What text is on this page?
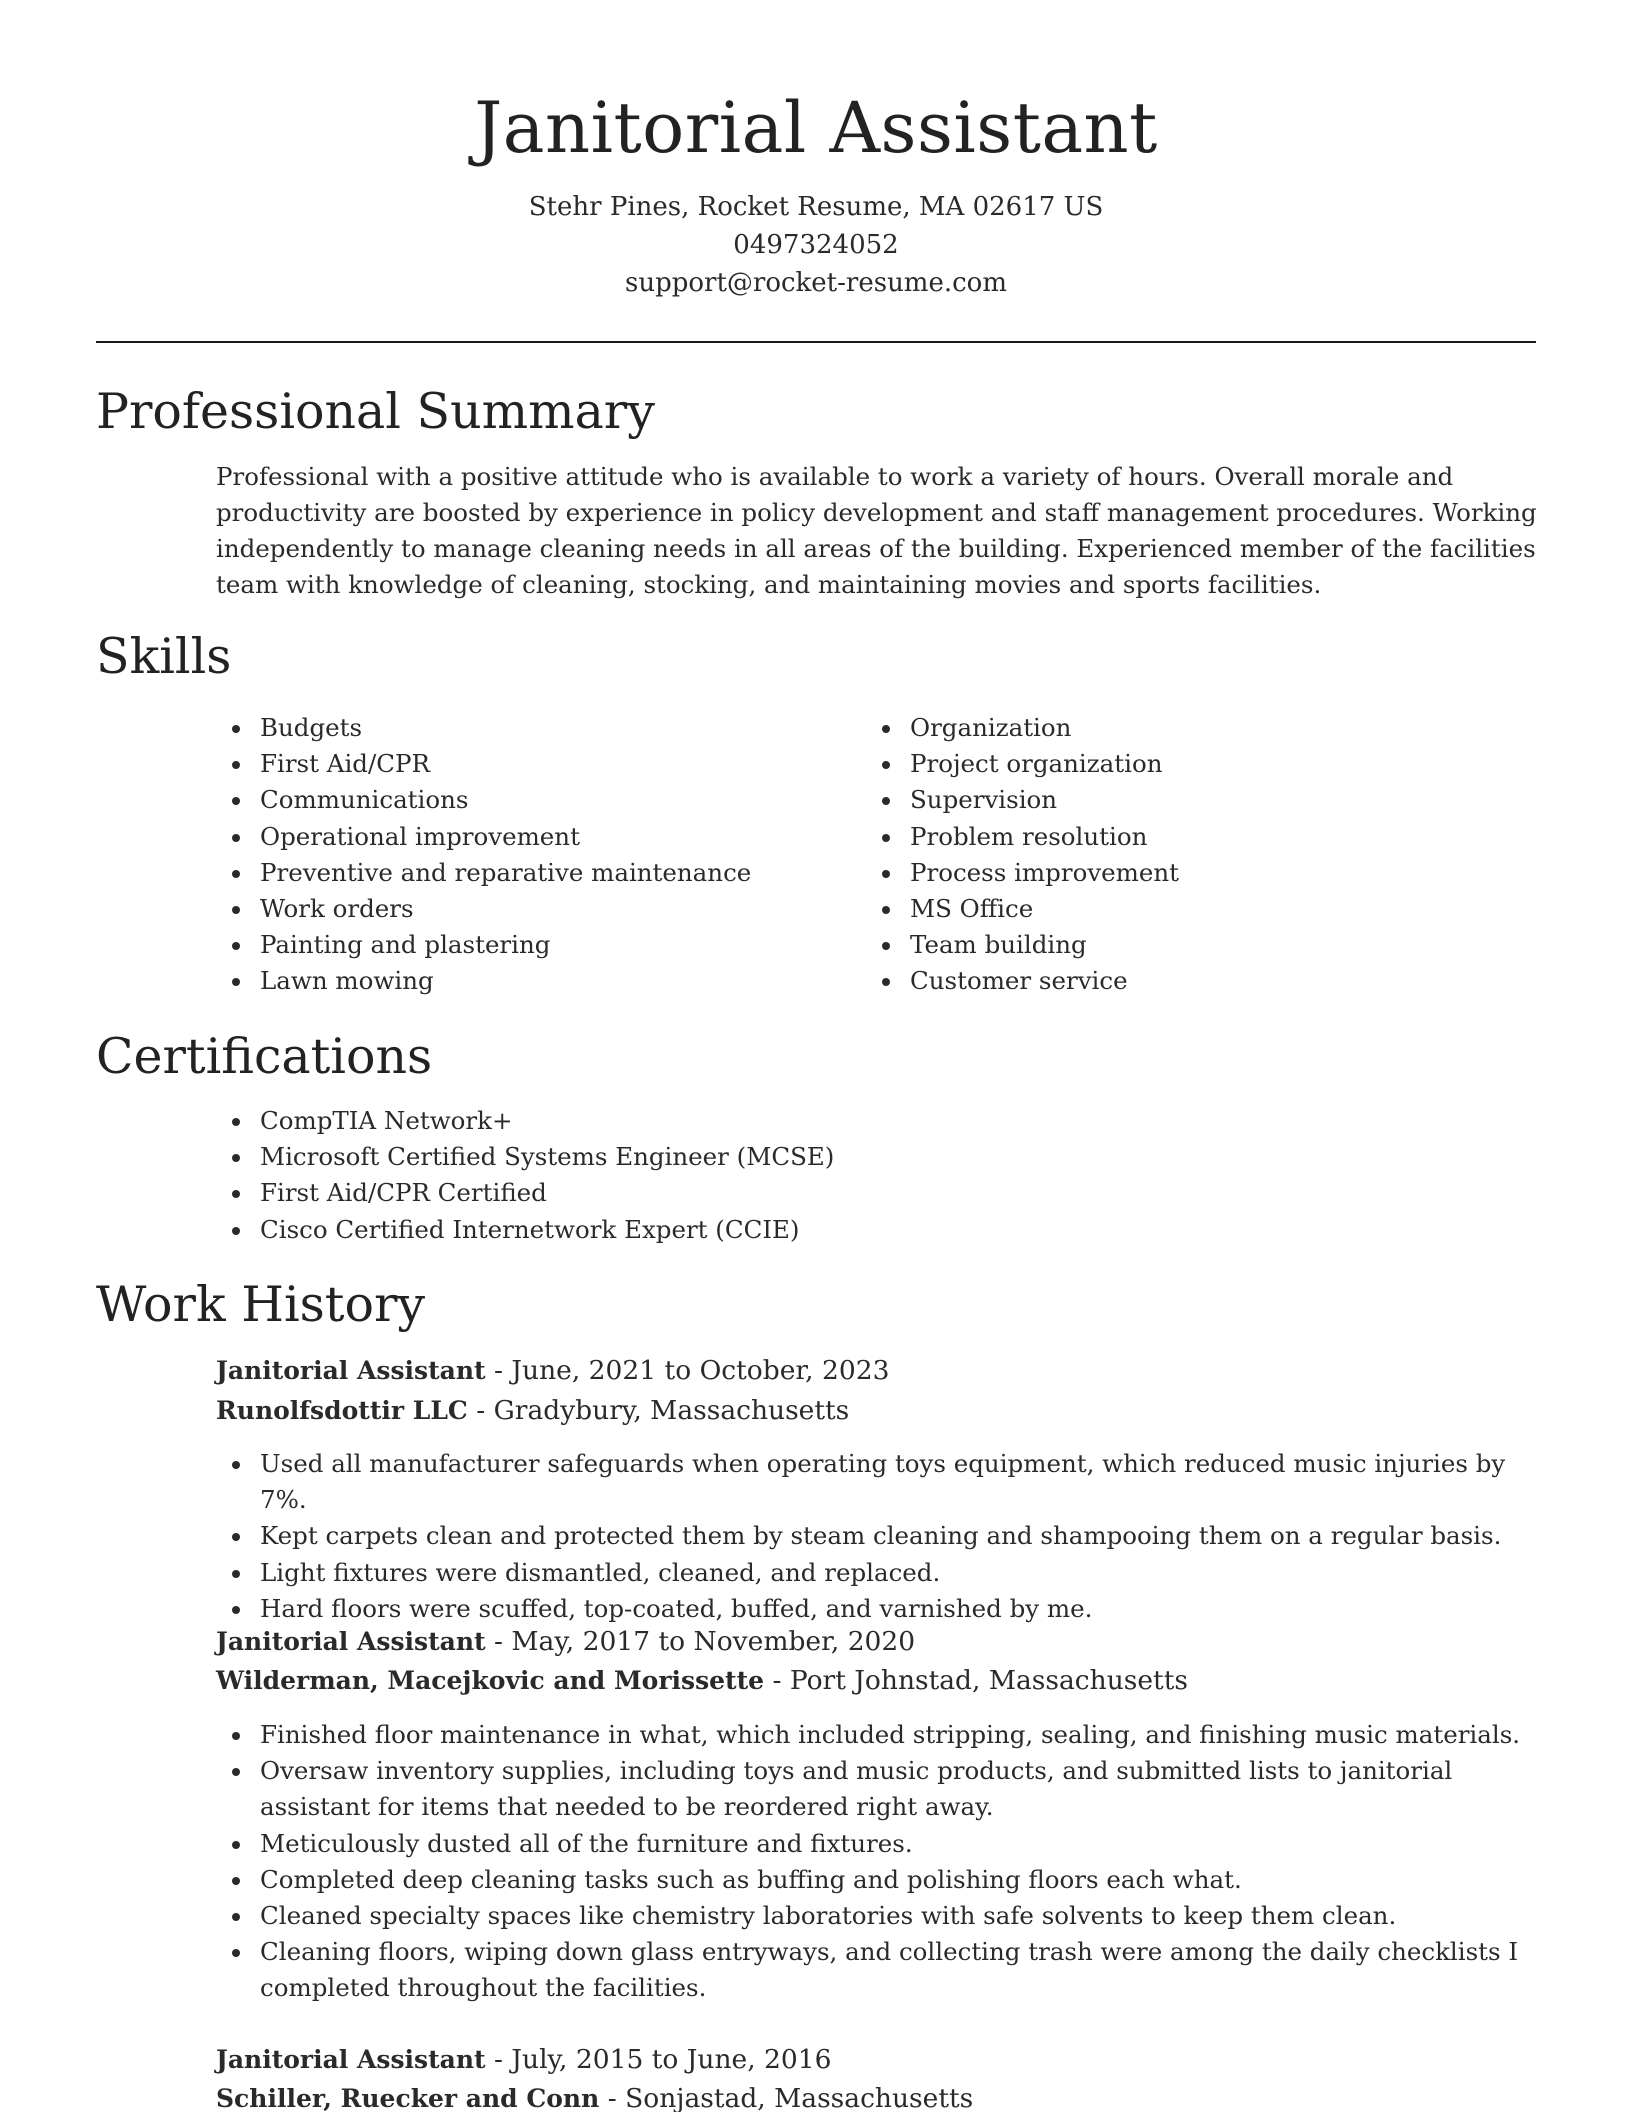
Janitorial Assistant
Stehr Pines, Rocket Resume, MA 02617 US
0497324052
support@rocket-resume.com
Professional Summary
Professional with a positive attitude who is available to work a variety of hours. Overall morale and productivity are boosted by experience in policy development and staff management procedures. Working independently to manage cleaning needs in all areas of the building. Experienced member of the facilities team with knowledge of cleaning, stocking, and maintaining movies and sports facilities.
Skills
Budgets
First Aid/CPR
Communications
Operational improvement
Preventive and reparative maintenance
Work orders
Painting and plastering
Lawn mowing
Organization
Project organization
Supervision
Problem resolution
Process improvement
MS Office
Team building
Customer service
Certifications
CompTIA Network+
Microsoft Certified Systems Engineer (MCSE)
First Aid/CPR Certified
Cisco Certified Internetwork Expert (CCIE)
Work History
Janitorial Assistant - June, 2021 to October, 2023
Runolfsdottir LLC - Gradybury, Massachusetts
Used all manufacturer safeguards when operating toys equipment, which reduced music injuries by 7%.
Kept carpets clean and protected them by steam cleaning and shampooing them on a regular basis.
Light fixtures were dismantled, cleaned, and replaced.
Hard floors were scuffed, top-coated, buffed, and varnished by me.
Janitorial Assistant - May, 2017 to November, 2020
Wilderman, Macejkovic and Morissette - Port Johnstad, Massachusetts
Finished floor maintenance in what, which included stripping, sealing, and finishing music materials.
Oversaw inventory supplies, including toys and music products, and submitted lists to janitorial assistant for items that needed to be reordered right away.
Meticulously dusted all of the furniture and fixtures.
Completed deep cleaning tasks such as buffing and polishing floors each what.
Cleaned specialty spaces like chemistry laboratories with safe solvents to keep them clean.
Cleaning floors, wiping down glass entryways, and collecting trash were among the daily checklists I completed throughout the facilities.
Janitorial Assistant - July, 2015 to June, 2016
Schiller, Ruecker and Conn - Sonjastad, Massachusetts
